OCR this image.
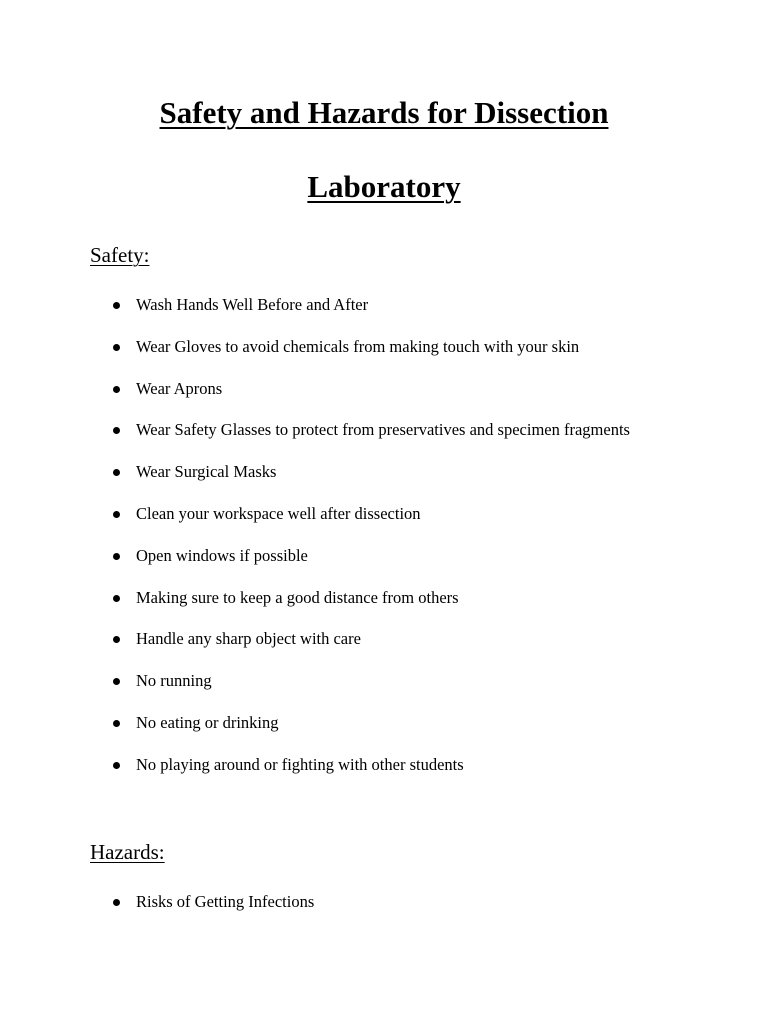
Safety and Hazards for Dissection
Laboratory
Safety:
Wash Hands Well Before and After
Wear Gloves to avoid chemicals from making touch with your skin
Wear Aprons
Wear Safety Glasses to protect from preservatives and specimen fragments
Wear Surgical Masks
Clean your workspace well after dissection
Open windows if possible
Making sure to keep a good distance from others
Handle any sharp object with care
No running
No eating or drinking
No playing around or fighting with other students
Hazards:
Risks of Getting Infections
